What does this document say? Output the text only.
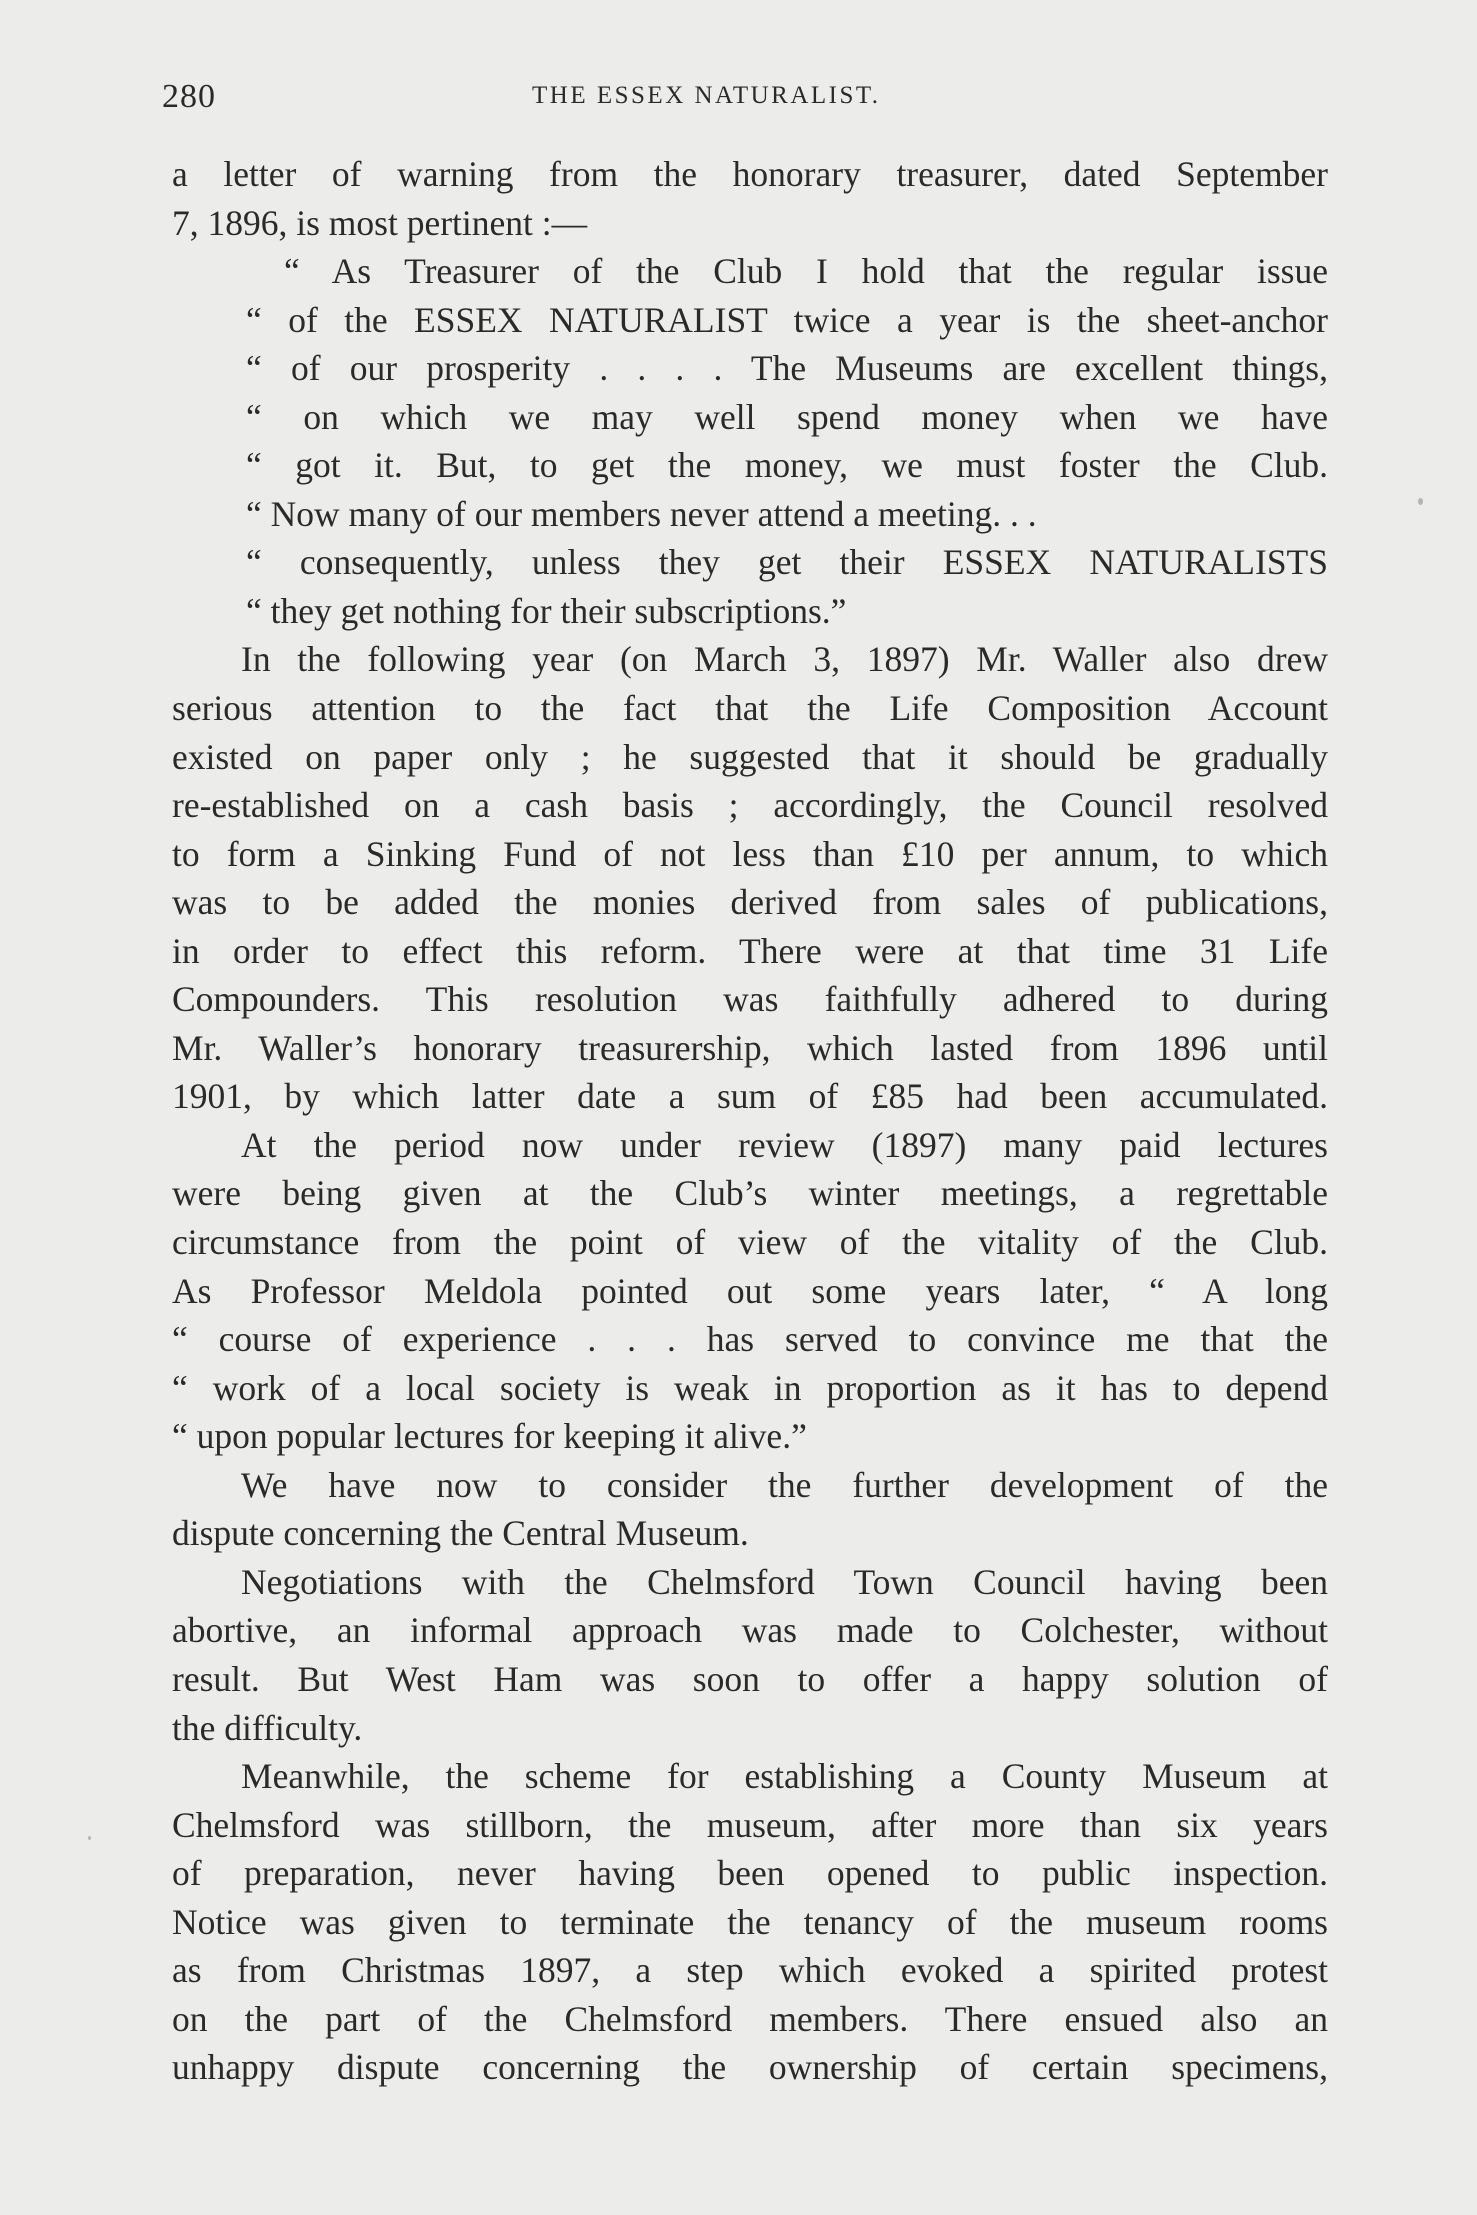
280	THE ESSEX NATURALIST.
a letter of warning from the honorary treasurer, dated September
7, 1896, is most pertinent :—
“ As Treasurer of the Club I hold that the regular issue
“ of the ESSEX NATURALIST twice a year is the sheet-anchor
“ of our prosperity . . . . The Museums are excellent things,
“ on which we may well spend money when we have
“ got it. But, to get the money, we must foster the Club.
“ Now many of our members never attend a meeting. . .
“ consequently, unless they get their ESSEX NATURALISTS
“ they get nothing for their subscriptions.”
In the following year (on March 3, 1897) Mr. Waller also drew
serious attention to the fact that the Life Composition Account
existed on paper only ; he suggested that it should be gradually
re-established on a cash basis ; accordingly, the Council resolved
to form a Sinking Fund of not less than £10 per annum, to which
was to be added the monies derived from sales of publications,
in order to effect this reform. There were at that time 31 Life
Compounders. This resolution was faithfully adhered to during
Mr. Waller’s honorary treasurership, which lasted from 1896 until
1901, by which latter date a sum of £85 had been accumulated.
At the period now under review (1897) many paid lectures
were being given at the Club’s winter meetings, a regrettable
circumstance from the point of view of the vitality of the Club.
As Professor Meldola pointed out some years later, “ A long
“ course of experience . . . has served to convince me that the
“ work of a local society is weak in proportion as it has to depend
“ upon popular lectures for keeping it alive.”
We have now to consider the further development of the
dispute concerning the Central Museum.
Negotiations with the Chelmsford Town Council having been
abortive, an informal approach was made to Colchester, without
result. But West Ham was soon to offer a happy solution of
the difficulty.
Meanwhile, the scheme for establishing a County Museum at
Chelmsford was stillborn, the museum, after more than six years
of preparation, never having been opened to public inspection.
Notice was given to terminate the tenancy of the museum rooms
as from Christmas 1897, a step which evoked a spirited protest
on the part of the Chelmsford members. There ensued also an
unhappy dispute concerning the ownership of certain specimens,
